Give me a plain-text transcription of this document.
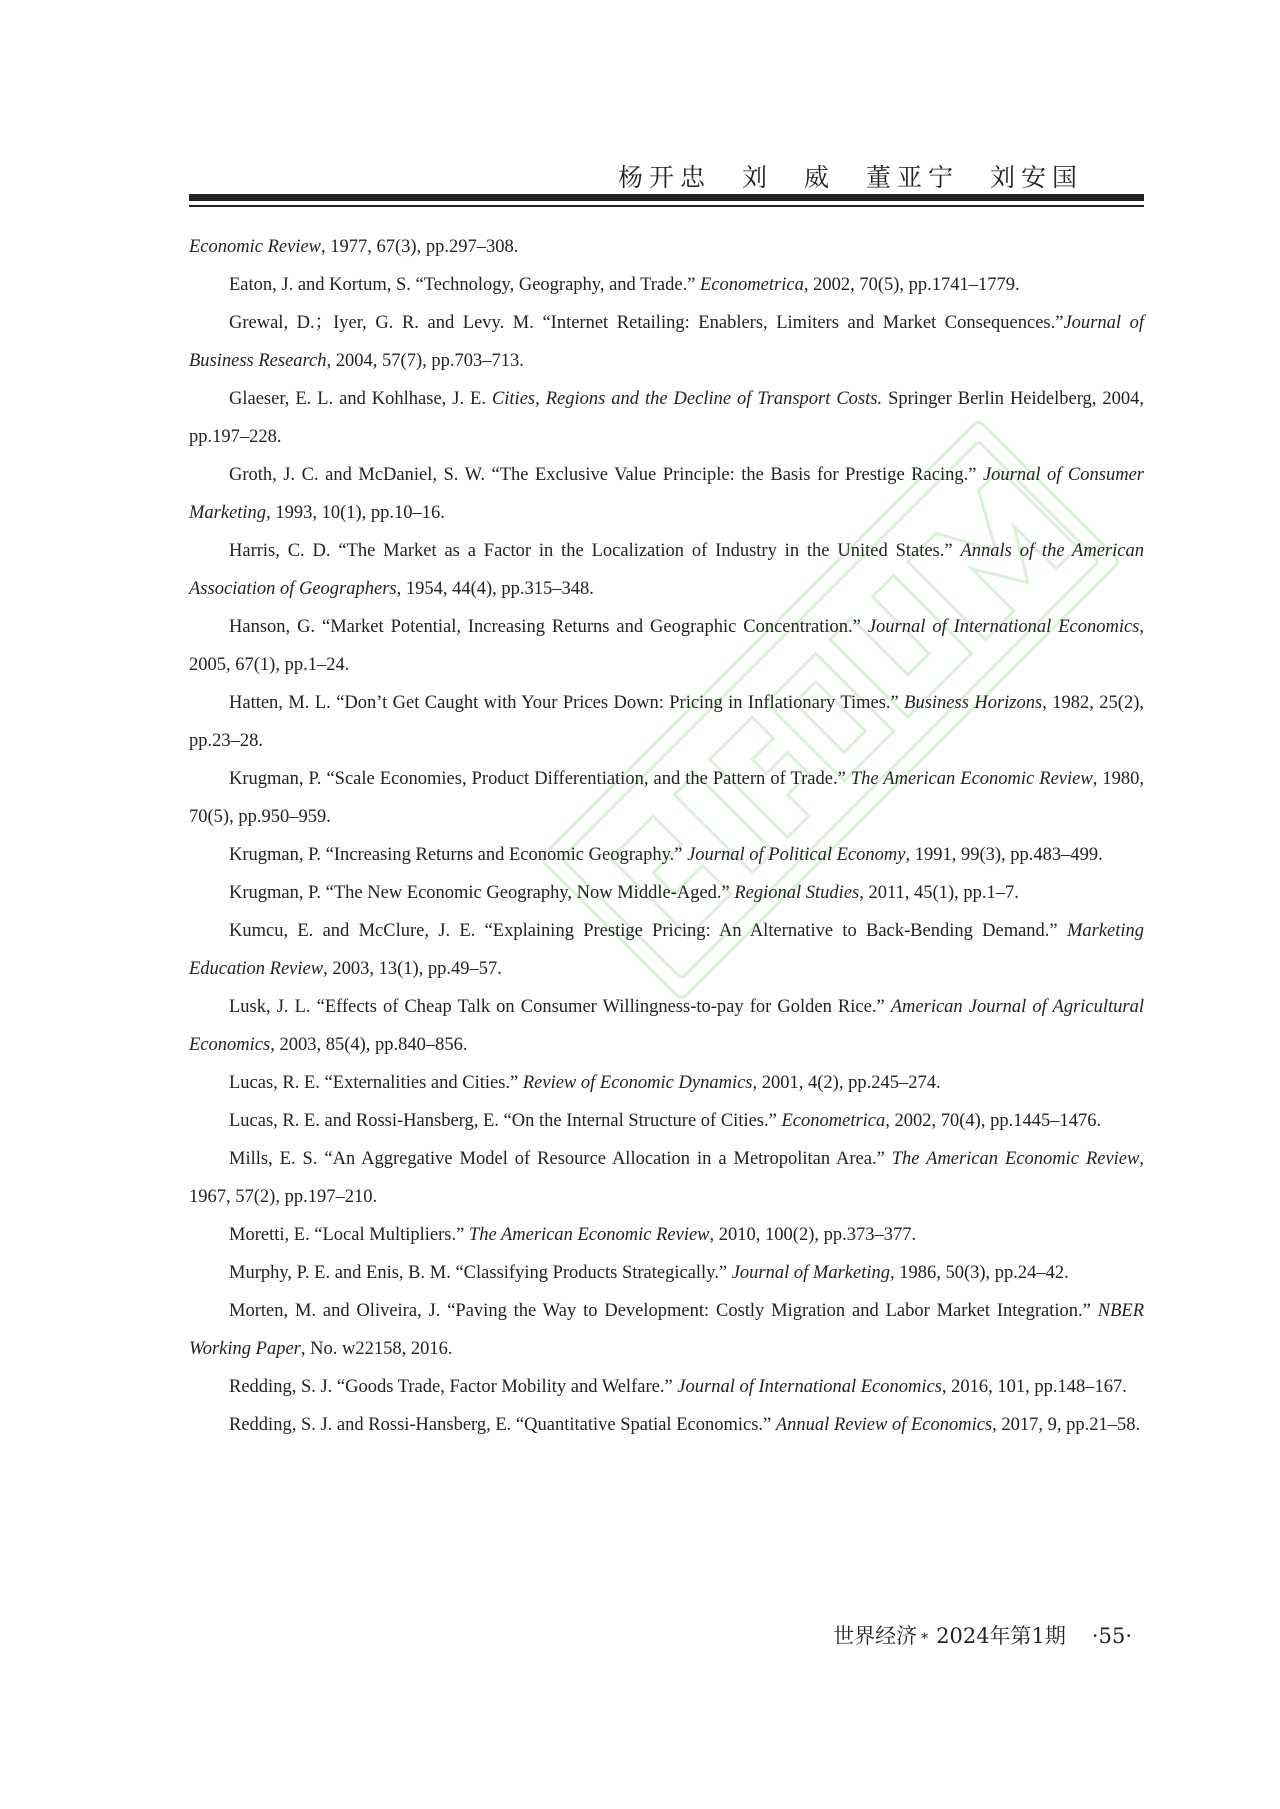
杨开忠　刘　威　董亚宁　刘安国

Economic Review, 1977, 67(3), pp.297–308.

Eaton, J. and Kortum, S. “Technology, Geography, and Trade.” Econometrica, 2002, 70(5), pp.1741–1779.

Grewal, D.；Iyer, G. R. and Levy. M. “Internet Retailing: Enablers, Limiters and Market Consequences.”Journal of Business Research, 2004, 57(7), pp.703–713.

Glaeser, E. L. and Kohlhase, J. E. Cities, Regions and the Decline of Transport Costs. Springer Berlin Heidelberg, 2004, pp.197–228.

Groth, J. C. and McDaniel, S. W. “The Exclusive Value Principle: the Basis for Prestige Racing.” Journal of Consumer Marketing, 1993, 10(1), pp.10–16.

Harris, C. D. “The Market as a Factor in the Localization of Industry in the United States.” Annals of the American Association of Geographers, 1954, 44(4), pp.315–348.

Hanson, G. “Market Potential, Increasing Returns and Geographic Concentration.” Journal of International Economics, 2005, 67(1), pp.1–24.

Hatten, M. L. “Don’t Get Caught with Your Prices Down: Pricing in Inflationary Times.” Business Horizons, 1982, 25(2), pp.23–28.

Krugman, P. “Scale Economies, Product Differentiation, and the Pattern of Trade.” The American Economic Review, 1980, 70(5), pp.950–959.

Krugman, P. “Increasing Returns and Economic Geography.” Journal of Political Economy, 1991, 99(3), pp.483–499.

Krugman, P. “The New Economic Geography, Now Middle-Aged.” Regional Studies, 2011, 45(1), pp.1–7.

Kumcu, E. and McClure, J. E. “Explaining Prestige Pricing: An Alternative to Back-Bending Demand.” Marketing Education Review, 2003, 13(1), pp.49–57.

Lusk, J. L. “Effects of Cheap Talk on Consumer Willingness-to-pay for Golden Rice.” American Journal of Agricultural Economics, 2003, 85(4), pp.840–856.

Lucas, R. E. “Externalities and Cities.” Review of Economic Dynamics, 2001, 4(2), pp.245–274.

Lucas, R. E. and Rossi-Hansberg, E. “On the Internal Structure of Cities.” Econometrica, 2002, 70(4), pp.1445–1476.

Mills, E. S. “An Aggregative Model of Resource Allocation in a Metropolitan Area.” The American Economic Review, 1967, 57(2), pp.197–210.

Moretti, E. “Local Multipliers.” The American Economic Review, 2010, 100(2), pp.373–377.

Murphy, P. E. and Enis, B. M. “Classifying Products Strategically.” Journal of Marketing, 1986, 50(3), pp.24–42.

Morten, M. and Oliveira, J. “Paving the Way to Development: Costly Migration and Labor Market Integration.” NBER Working Paper, No. w22158, 2016.

Redding, S. J. “Goods Trade, Factor Mobility and Welfare.” Journal of International Economics, 2016, 101, pp.148–167.

Redding, S. J. and Rossi-Hansberg, E. “Quantitative Spatial Economics.” Annual Review of Economics, 2017, 9, pp.21–58.

世界经济 * 2024年第1期 ·55·
